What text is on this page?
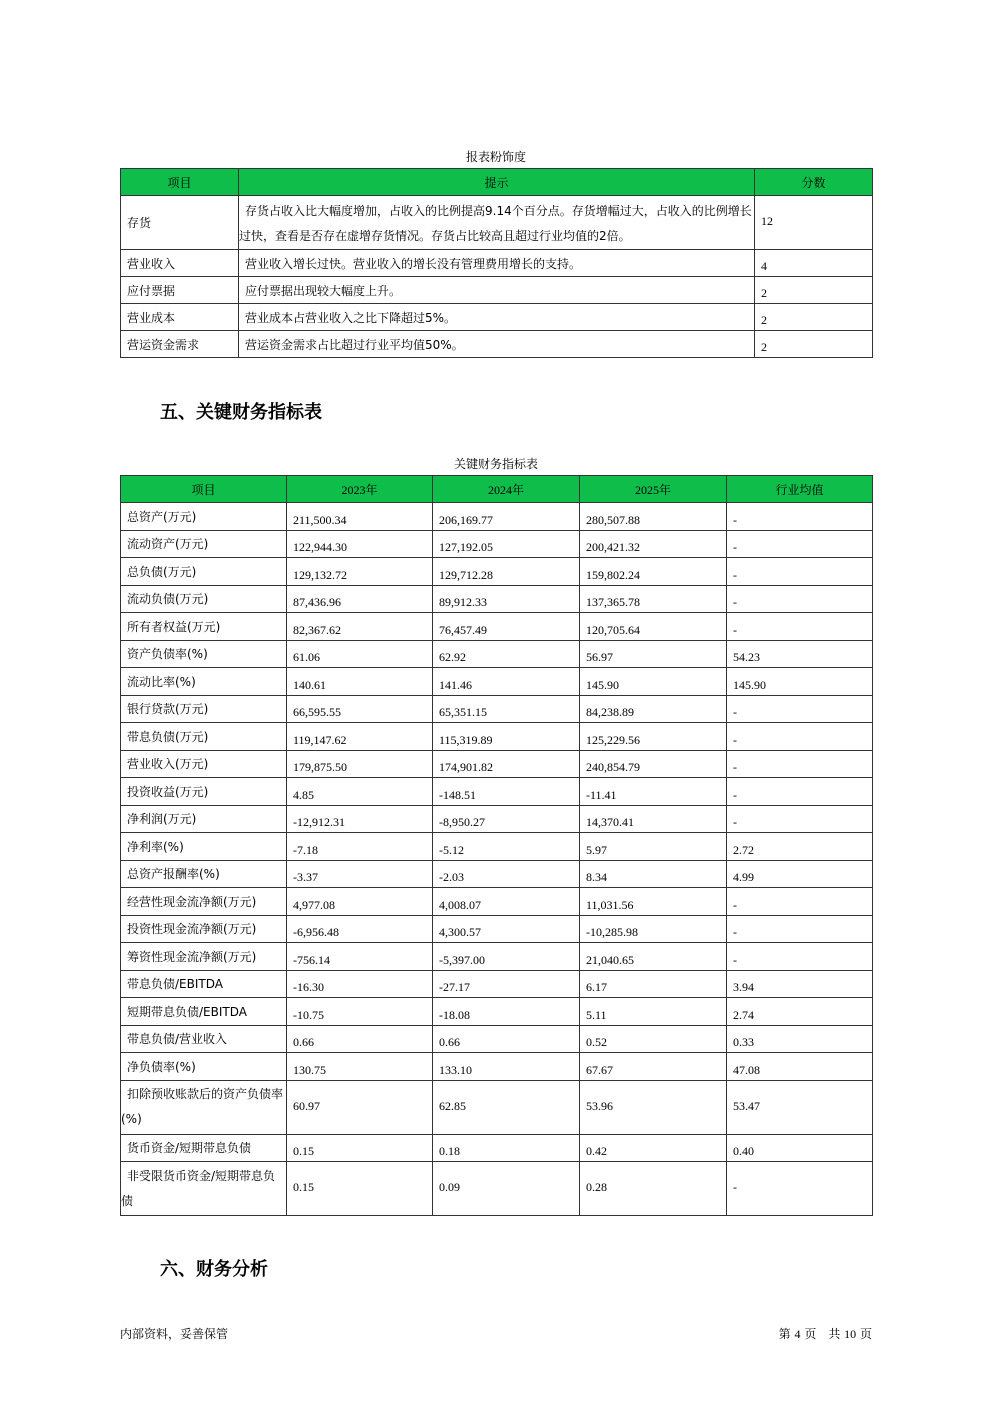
报表粉饰度
项目	提示	分数
存货	存货占收入比大幅度增加，占收入的比例提高9.14个百分点。存货增幅过大，占收入的比例增长过快，查看是否存在虚增存货情况。存货占比较高且超过行业均值的2倍。	12
营业收入	营业收入增长过快。营业收入的增长没有管理费用增长的支持。	4
应付票据	应付票据出现较大幅度上升。	2
营业成本	营业成本占营业收入之比下降超过5%。	2
营运资金需求	营运资金需求占比超过行业平均值50%。	2
五、关键财务指标表
关键财务指标表
项目	2023年	2024年	2025年	行业均值
总资产(万元)	211,500.34	206,169.77	280,507.88	-
流动资产(万元)	122,944.30	127,192.05	200,421.32	-
总负债(万元)	129,132.72	129,712.28	159,802.24	-
流动负债(万元)	87,436.96	89,912.33	137,365.78	-
所有者权益(万元)	82,367.62	76,457.49	120,705.64	-
资产负债率(%)	61.06	62.92	56.97	54.23
流动比率(%)	140.61	141.46	145.90	145.90
银行贷款(万元)	66,595.55	65,351.15	84,238.89	-
带息负债(万元)	119,147.62	115,319.89	125,229.56	-
营业收入(万元)	179,875.50	174,901.82	240,854.79	-
投资收益(万元)	4.85	-148.51	-11.41	-
净利润(万元)	-12,912.31	-8,950.27	14,370.41	-
净利率(%)	-7.18	-5.12	5.97	2.72
总资产报酬率(%)	-3.37	-2.03	8.34	4.99
经营性现金流净额(万元)	4,977.08	4,008.07	11,031.56	-
投资性现金流净额(万元)	-6,956.48	4,300.57	-10,285.98	-
筹资性现金流净额(万元)	-756.14	-5,397.00	21,040.65	-
带息负债/EBITDA	-16.30	-27.17	6.17	3.94
短期带息负债/EBITDA	-10.75	-18.08	5.11	2.74
带息负债/营业收入	0.66	0.66	0.52	0.33
净负债率(%)	130.75	133.10	67.67	47.08
扣除预收账款后的资产负债率(%)	60.97	62.85	53.96	53.47
货币资金/短期带息负债	0.15	0.18	0.42	0.40
非受限货币资金/短期带息负债	0.15	0.09	0.28	-
六、财务分析
内部资料，妥善保管	第 4 页　共 10 页
